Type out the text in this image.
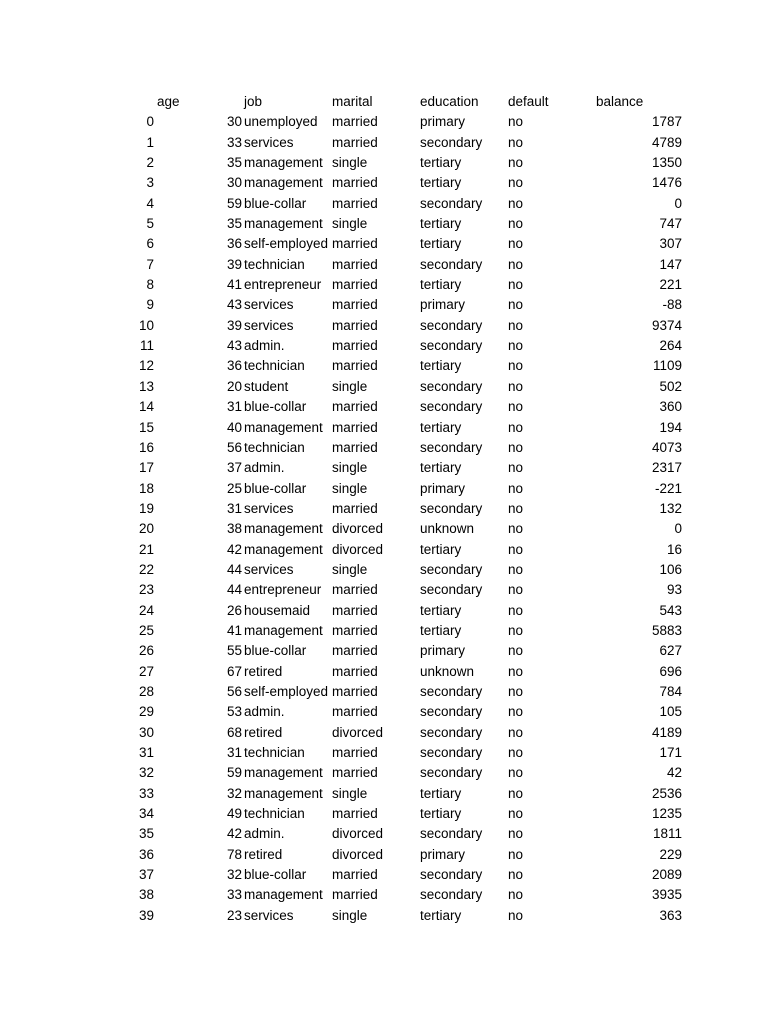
age	job	marital	education default	balance
0	30 unemployed married	primary	no	1787
1	33 services	married	secondary no	4789
2	35 management single	tertiary	no	1350
3	30 management married	tertiary	no	1476
4	59 blue-collar married	secondary no	0
5	35 management single	tertiary	no	747
6	36 self-employed married	tertiary	no	307
7	39 technician married	secondary no	147
8	41 entrepreneur married	tertiary	no	221
9	43 services	married	primary	no	-88
10	39 services	married	secondary no	9374
11	43 admin.	married	secondary no	264
12	36 technician married	tertiary	no	1109
13	20 student	single	secondary no	502
14	31 blue-collar married	secondary no	360
15	40 management married	tertiary	no	194
16	56 technician married	secondary no	4073
17	37 admin.	single	tertiary	no	2317
18	25 blue-collar single	primary	no	-221
19	31 services	married	secondary no	132
20	38 management divorced	unknown	no	0
21	42 management divorced	tertiary	no	16
22	44 services	single	secondary no	106
23	44 entrepreneur married	secondary no	93
24	26 housemaid married	tertiary	no	543
25	41 management married	tertiary	no	5883
26	55 blue-collar married	primary	no	627
27	67 retired	married	unknown	no	696
28	56 self-employed married	secondary no	784
29	53 admin.	married	secondary no	105
30	68 retired	divorced	secondary no	4189
31	31 technician married	secondary no	171
32	59 management married	secondary no	42
33	32 management single	tertiary	no	2536
34	49 technician married	tertiary	no	1235
35	42 admin.	divorced	secondary no	1811
36	78 retired	divorced	primary	no	229
37	32 blue-collar married	secondary no	2089
38	33 management married	secondary no	3935
39	23 services	single	tertiary	no	363
